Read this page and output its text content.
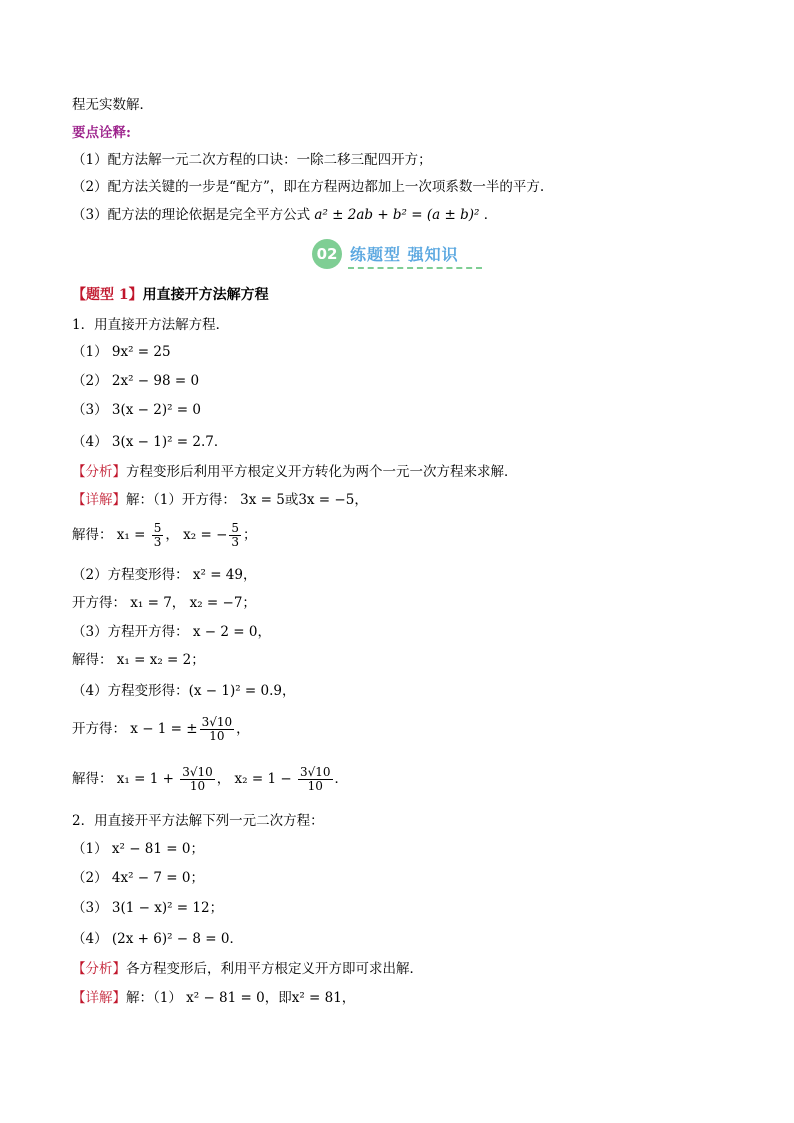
程无实数解．
要点诠释:
（1）配方法解一元二次方程的口诀：一除二移三配四开方；
（2）配方法关键的一步是“配方”，即在方程两边都加上一次项系数一半的平方.
（3）配方法的理论依据是完全平方公式 a² ± 2ab + b² = (a ± b)² ．
02 练题型 强知识
【题型 1】用直接开方法解方程
1．用直接开方法解方程．
（1） 9x² = 25
（2） 2x² − 98 = 0
（3） 3(x − 2)² = 0
（4） 3(x − 1)² = 2.7．
【分析】方程变形后利用平方根定义开方转化为两个一元一次方程来求解．
【详解】解：（1）开方得： 3x = 5或3x = −5，
解得： $x_1 = \frac{5}{3}$ ， x₂ = − $\frac{5}{3}$ ；
（2）方程变形得： x² = 49，
开方得： x₁ = 7， x₂ = −7；
（3）方程开方得： x − 2 = 0，
解得： x₁ = x₂ = 2；
（4）方程变形得：(x − 1)² = 0.9，
开方得： x − 1 = ± $\frac{3√10}{10}$ ，
解得： $x_1 = 1 + \frac{3√10}{10}$ ， $x_2 = 1 - \frac{3√10}{10}$ ．
2．用直接开平方法解下列一元二次方程：
（1） x² − 81 = 0；
（2） 4x² − 7 = 0；
（3） 3(1 − x)² = 12；
（4） (2x + 6)² − 8 = 0．
【分析】各方程变形后，利用平方根定义开方即可求出解．
【详解】解：（1） x² − 81 = 0，即x² = 81，
